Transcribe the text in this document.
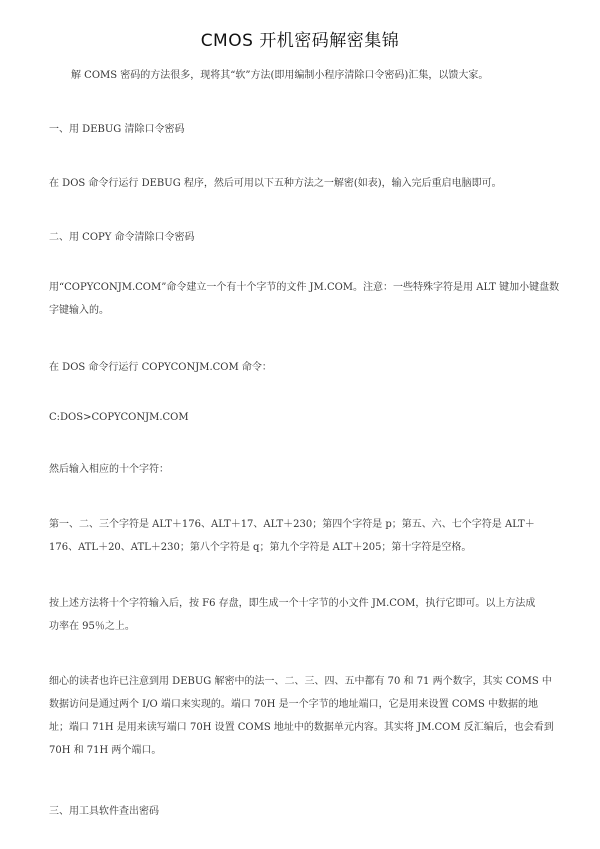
CMOS 开机密码解密集锦
解 COMS 密码的方法很多，现将其“软”方法(即用编制小程序清除口令密码)汇集，以馈大家。
一、用 DEBUG 清除口令密码
在 DOS 命令行运行 DEBUG 程序，然后可用以下五种方法之一解密(如表)，输入完后重启电脑即可。
二、用 COPY 命令清除口令密码
用“COPYCONJM.COM”命令建立一个有十个字节的文件 JM.COM。注意：一些特殊字符是用 ALT 键加小键盘数
字键输入的。
在 DOS 命令行运行 COPYCONJM.COM 命令：
C:DOS>COPYCONJM.COM
然后输入相应的十个字符：
第一、二、三个字符是 ALT＋176、ALT＋17、ALT＋230；第四个字符是 p；第五、六、七个字符是 ALT＋
176、ATL＋20、ATL＋230；第八个字符是 q；第九个字符是 ALT＋205；第十字符是空格。
按上述方法将十个字符输入后，按 F6 存盘，即生成一个十字节的小文件 JM.COM，执行它即可。以上方法成
功率在 95％之上。
细心的读者也许已注意到用 DEBUG 解密中的法一、二、三、四、五中都有 70 和 71 两个数字，其实 COMS 中
数据访问是通过两个 I/O 端口来实现的。端口 70H 是一个字节的地址端口，它是用来设置 COMS 中数据的地
址；端口 71H 是用来读写端口 70H 设置 COMS 地址中的数据单元内容。其实将 JM.COM 反汇编后，也会看到
70H 和 71H 两个端口。
三、用工具软件查出密码
